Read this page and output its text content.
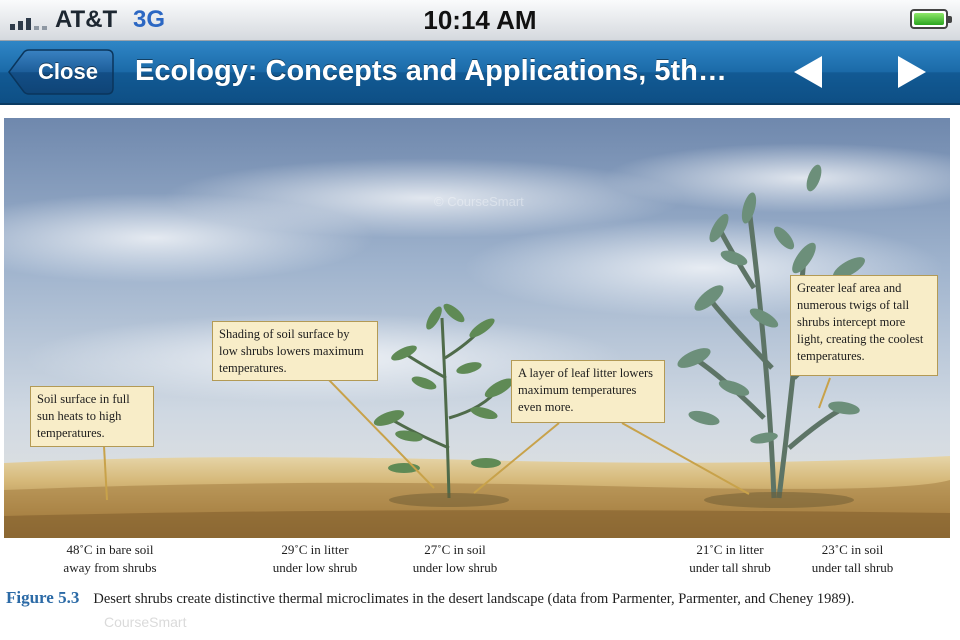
AT&T 3G	10:14 AM
Close	Ecology: Concepts and Applications, 5th…
Soil surface in full sun heats to high temperatures.
Shading of soil surface by low shrubs lowers maximum temperatures.	A layer of leaf litter lowers maximum temperatures even more.
Greater leaf area and numerous twigs of tall shrubs intercept more light, creating the coolest temperatures.
© CourseSmart
48˚C in bare soil
away from shrubs
29˚C in litter
under low shrub
27˚C in soil
under low shrub
21˚C in litter
under tall shrub
23˚C in soil
under tall shrub
Figure 5.3 Desert shrubs create distinctive thermal microclimates in the desert landscape (data from Parmenter, Parmenter, and Cheney 1989).
CourseSmart
